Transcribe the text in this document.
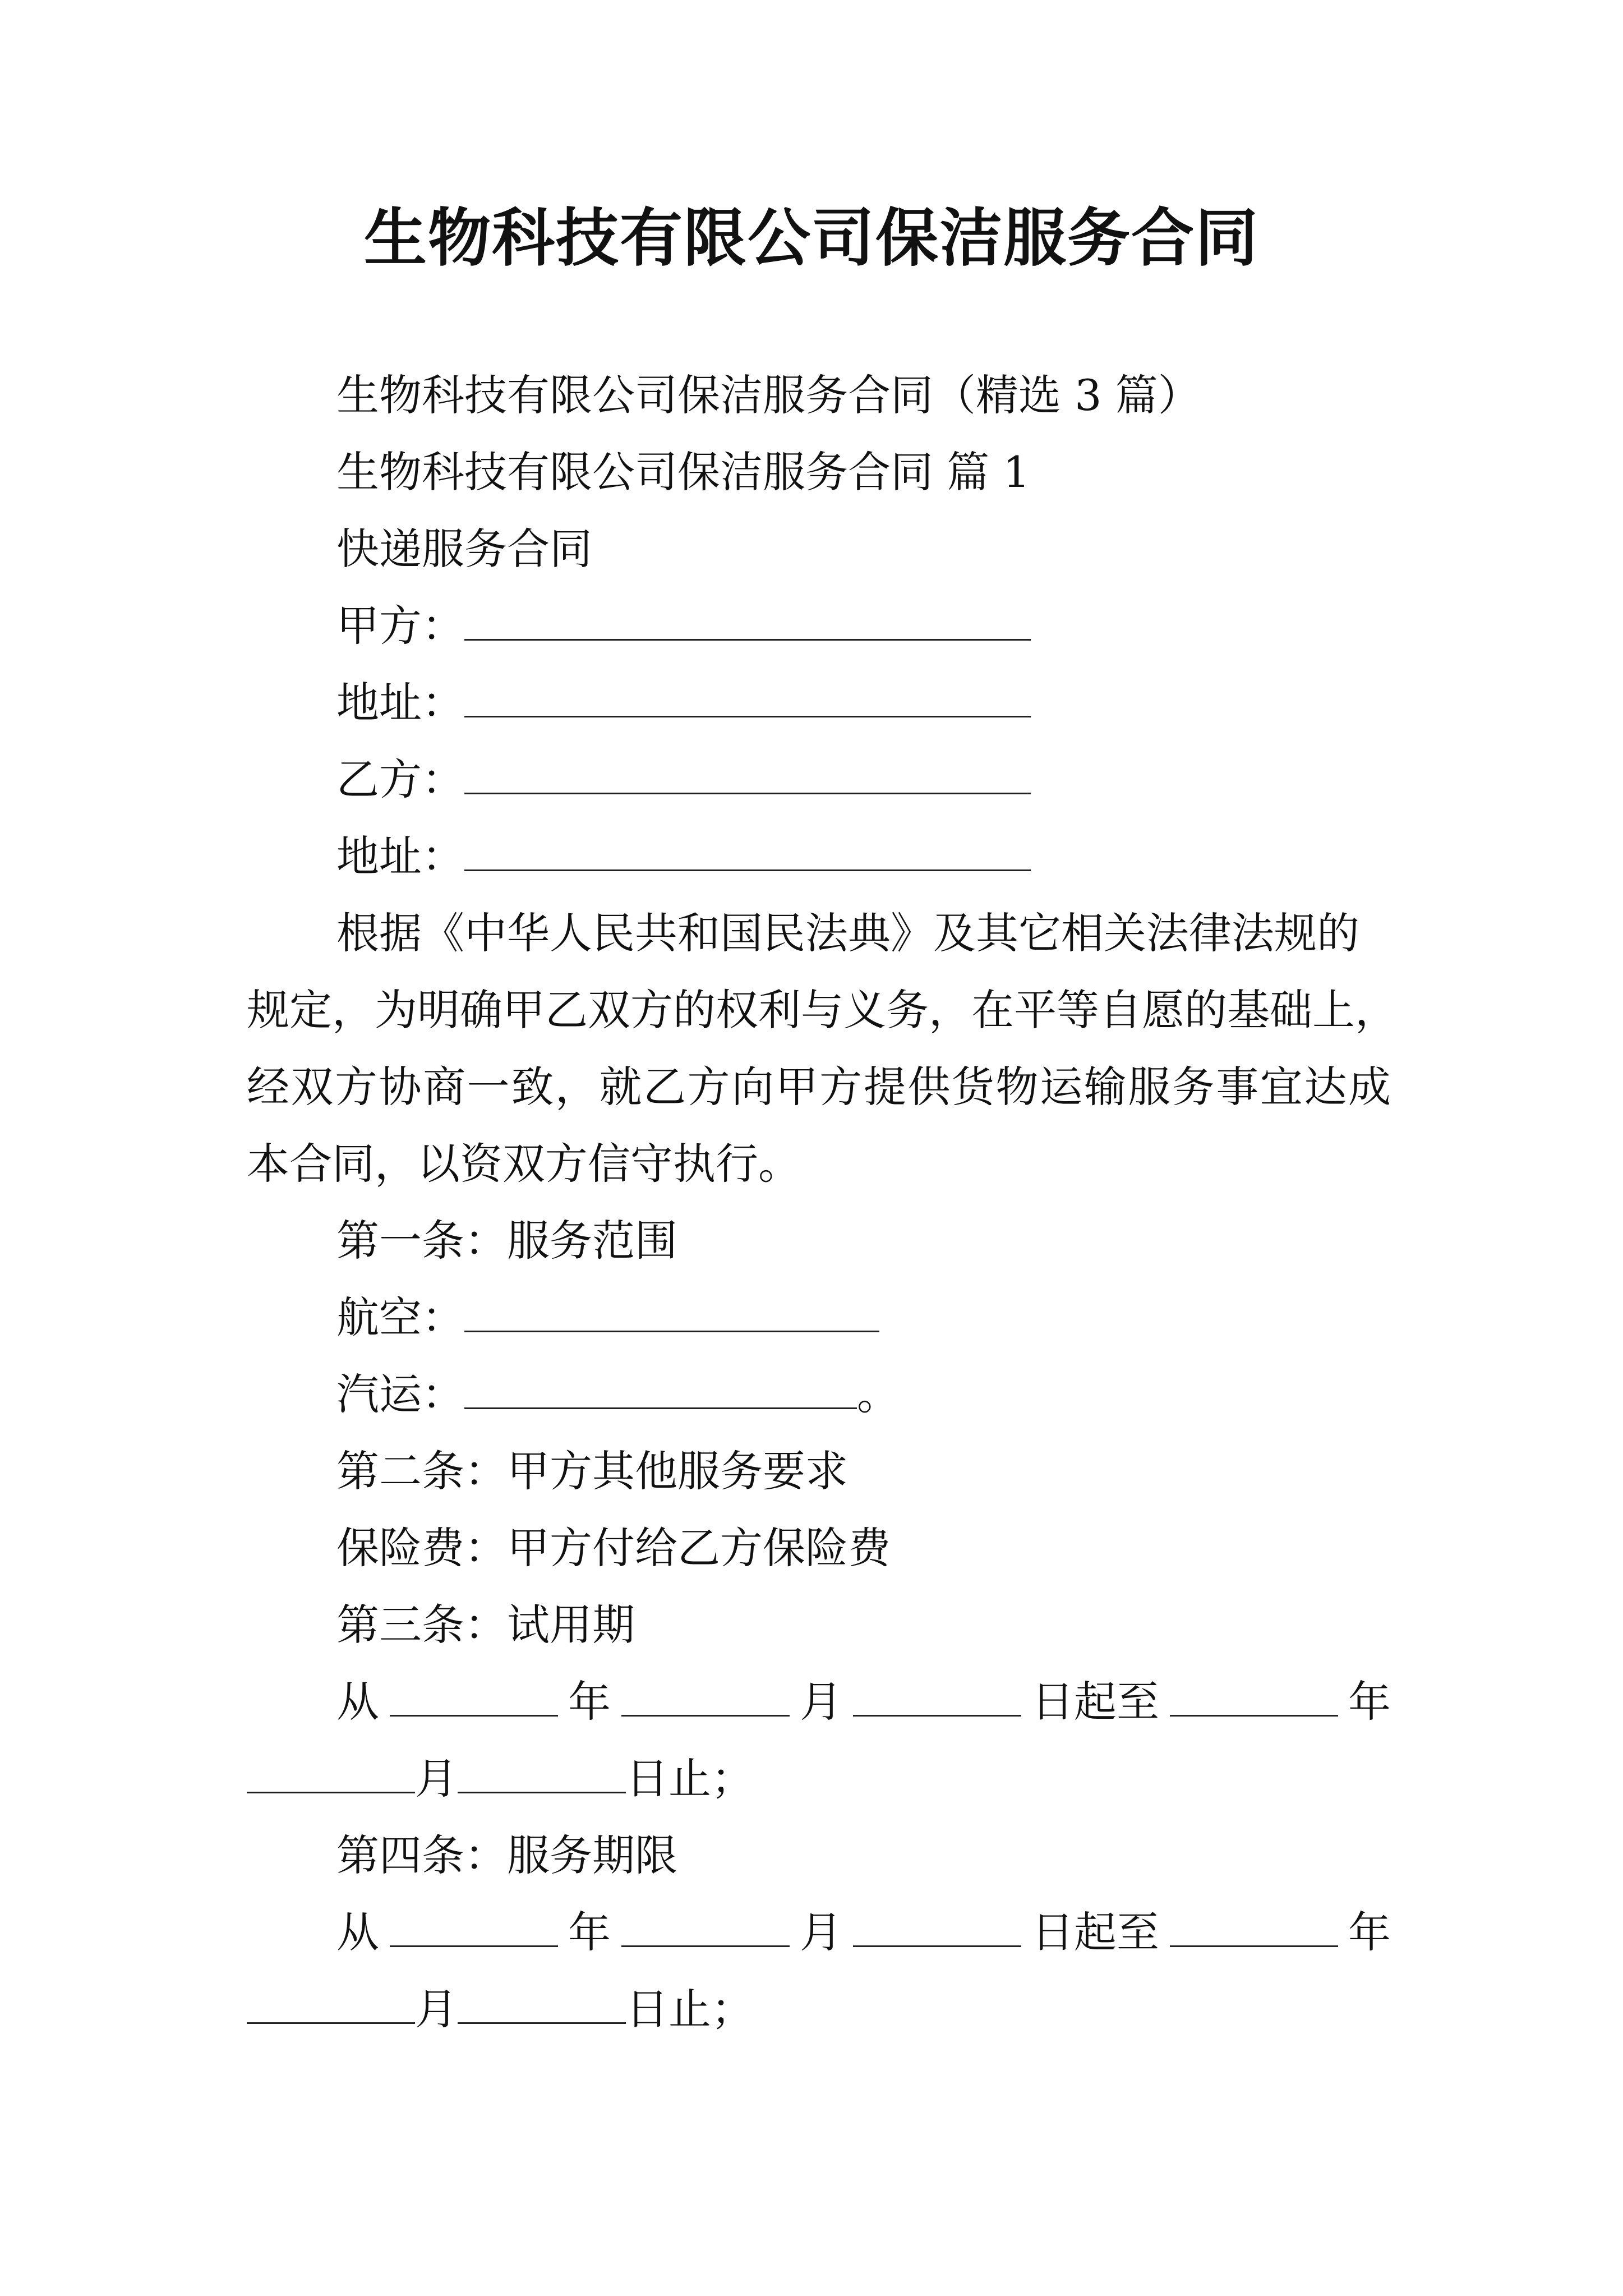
生物科技有限公司保洁服务合同
生物科技有限公司保洁服务合同（精选 3 篇）
生物科技有限公司保洁服务合同 篇 1
快递服务合同
甲方：
地址：
乙方：
地址：
根据《中华人民共和国民法典》及其它相关法律法规的
规定，为明确甲乙双方的权利与义务，在平等自愿的基础上，
经双方协商一致，就乙方向甲方提供货物运输服务事宜达成
本合同，以资双方信守执行。
第一条：服务范围
航空：
汽运：	。
第二条：甲方其他服务要求
保险费：甲方付给乙方保险费
第三条：试用期
从	年	月	日起至	年
月	日止；
第四条：服务期限
从	年	月	日起至	年
月	日止；
